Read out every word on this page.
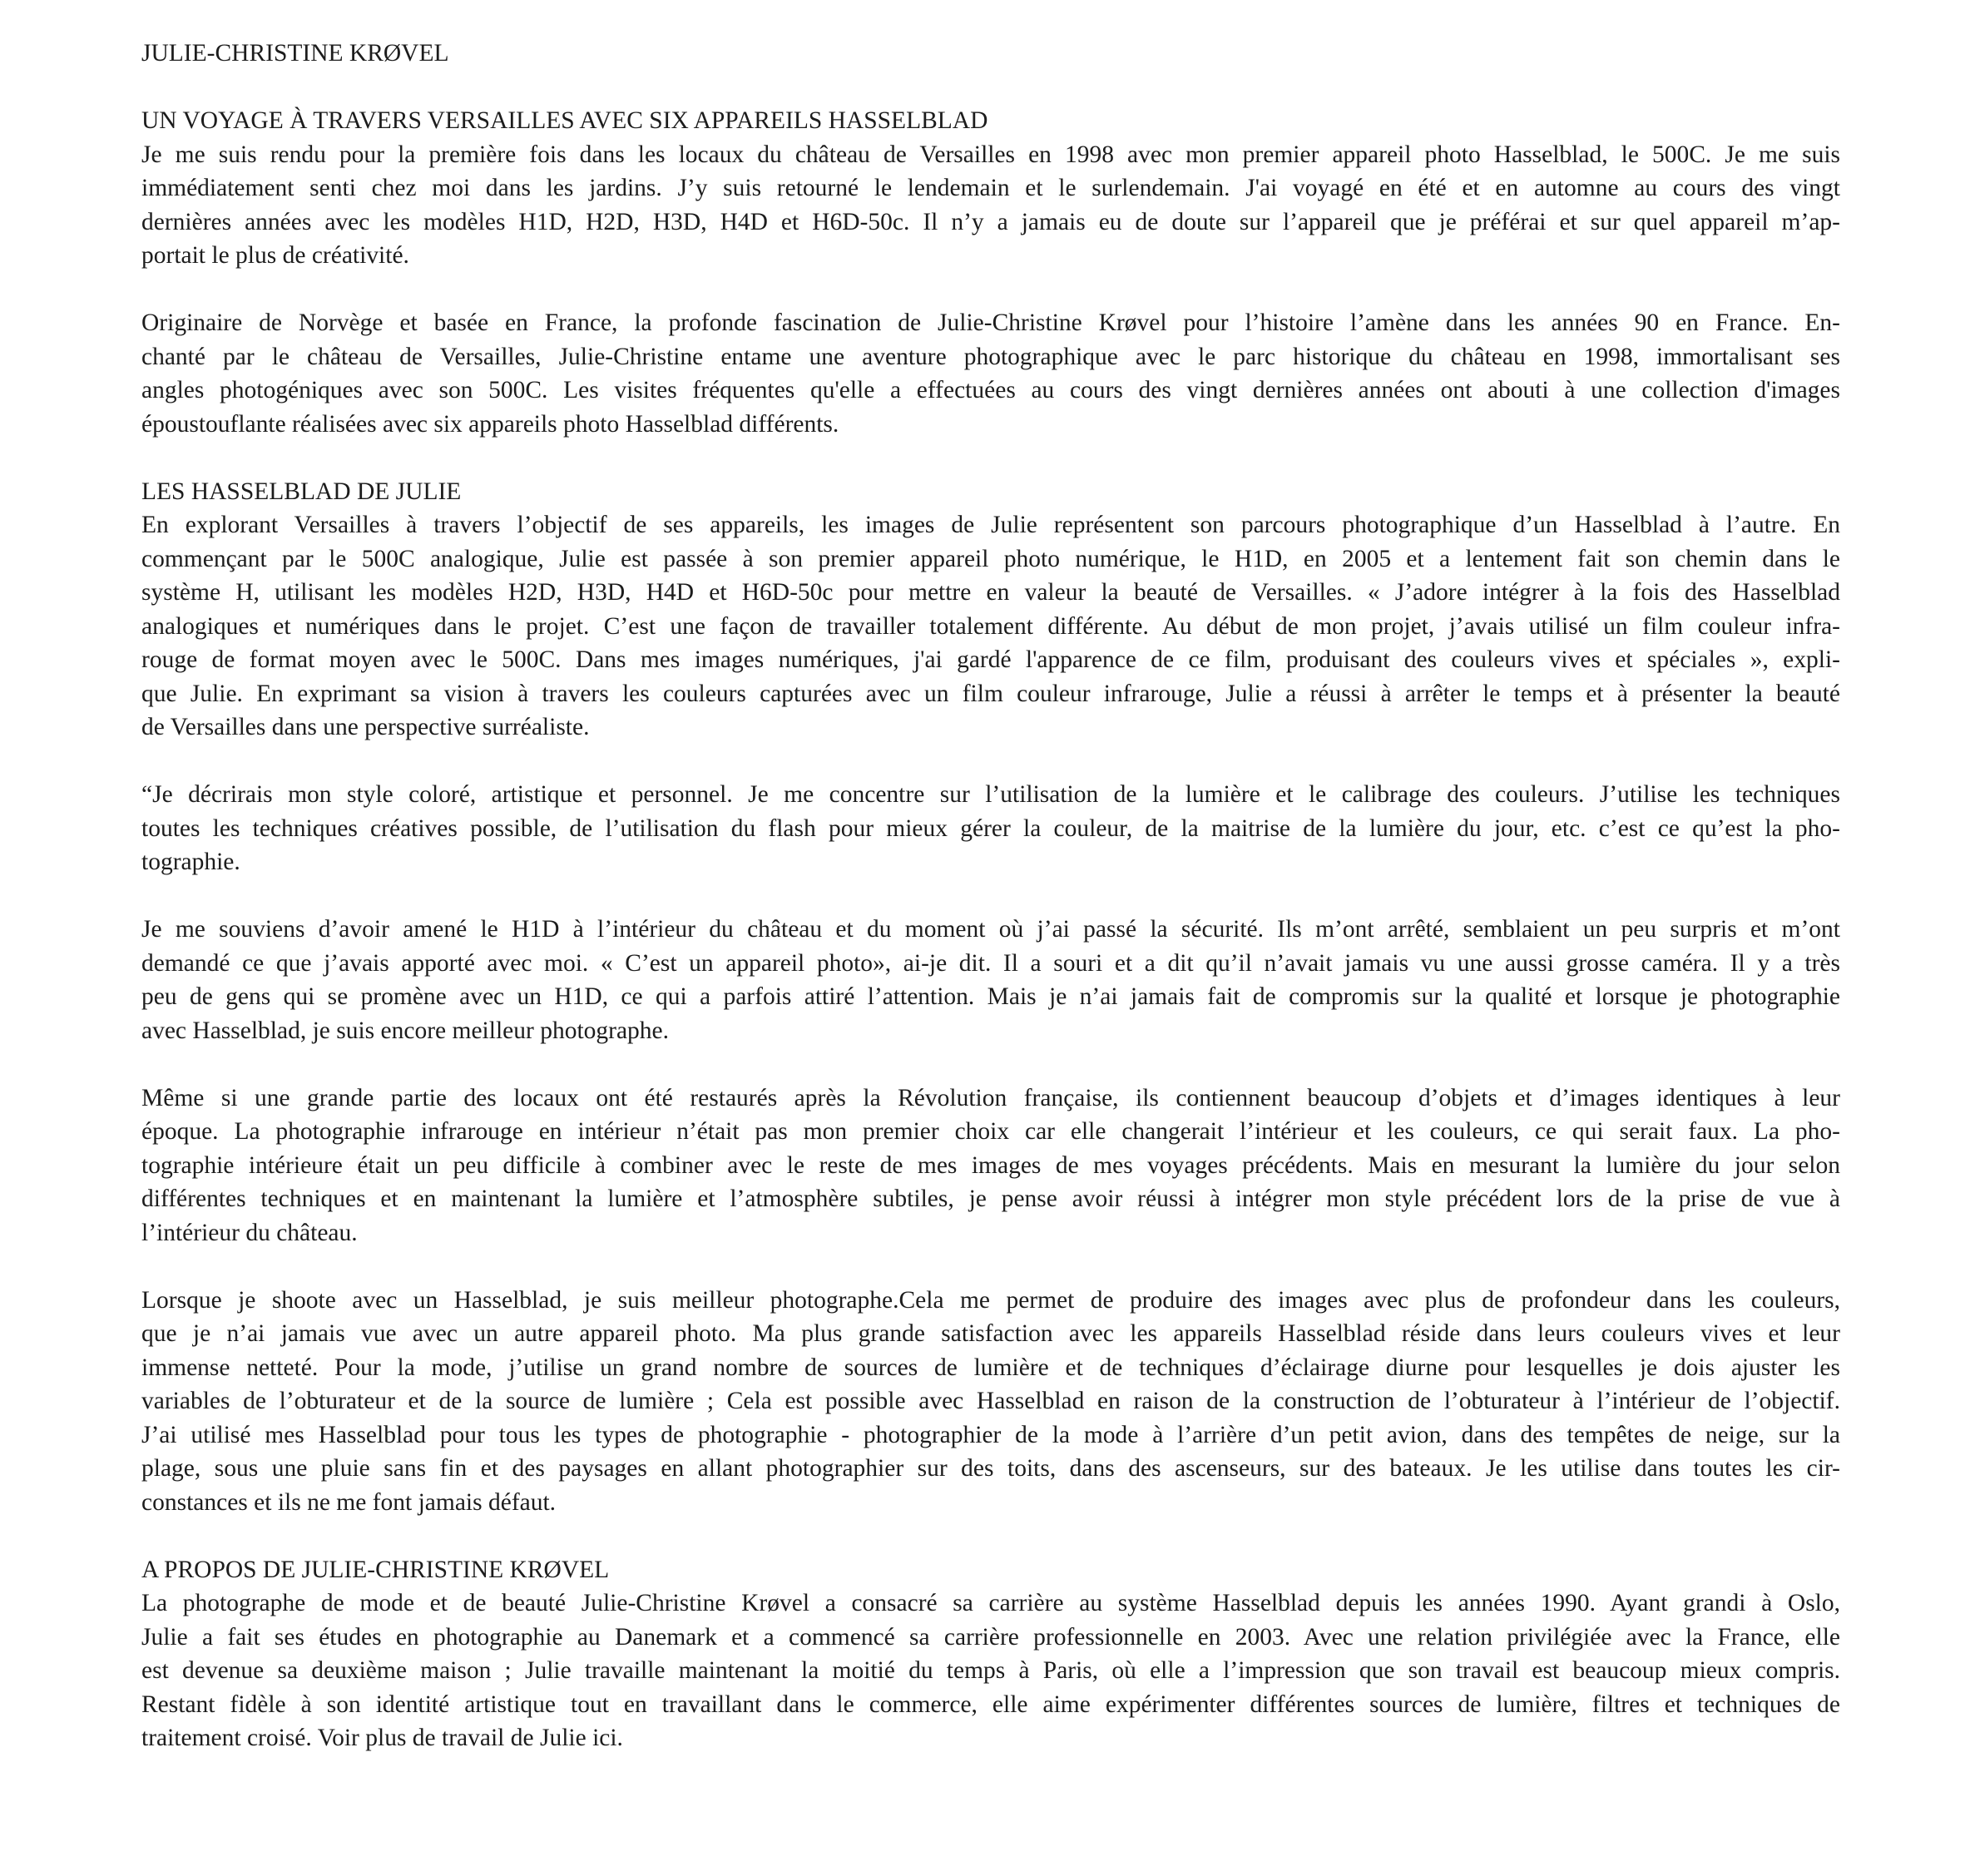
JULIE-CHRISTINE KRØVEL
UN VOYAGE À TRAVERS VERSAILLES AVEC SIX APPAREILS HASSELBLAD

Je me suis rendu pour la première fois dans les locaux du château de Versailles en 1998 avec mon premier appareil photo Hasselblad, le 500C. Je me suis
immédiatement senti chez moi dans les jardins. J’y suis retourné le lendemain et le surlendemain. J'ai voyagé en été et en automne au cours des vingt
dernières années avec les modèles H1D, H2D, H3D, H4D et H6D-50c. Il n’y a jamais eu de doute sur l’appareil que je préférai et sur quel appareil m’ap-
portait le plus de créativité.

Originaire de Norvège et basée en France, la profonde fascination de Julie-Christine Krøvel pour l’histoire l’amène dans les années 90 en France. En-
chanté par le château de Versailles, Julie-Christine entame une aventure photographique avec le parc historique du château en 1998, immortalisant ses
angles photogéniques avec son 500C. Les visites fréquentes qu'elle a effectuées au cours des vingt dernières années ont abouti à une collection d'images
époustouflante réalisées avec six appareils photo Hasselblad différents.

LES HASSELBLAD DE JULIE

En explorant Versailles à travers l’objectif de ses appareils, les images de Julie représentent son parcours photographique d’un Hasselblad à l’autre. En
commençant par le 500C analogique, Julie est passée à son premier appareil photo numérique, le H1D, en 2005 et a lentement fait son chemin dans le
système H, utilisant les modèles H2D, H3D, H4D et H6D-50c pour mettre en valeur la beauté de Versailles. « J’adore intégrer à la fois des Hasselblad
analogiques et numériques dans le projet. C’est une façon de travailler totalement différente. Au début de mon projet, j’avais utilisé un film couleur infra-
rouge de format moyen avec le 500C. Dans mes images numériques, j'ai gardé l'apparence de ce film, produisant des couleurs vives et spéciales », expli-
que Julie. En exprimant sa vision à travers les couleurs capturées avec un film couleur infrarouge, Julie a réussi à arrêter le temps et à présenter la beauté
de Versailles dans une perspective surréaliste.

“Je décrirais mon style coloré, artistique et personnel. Je me concentre sur l’utilisation de la lumière et le calibrage des couleurs. J’utilise les techniques
toutes les techniques créatives possible, de l’utilisation du flash pour mieux gérer la couleur, de la maitrise de la lumière du jour, etc. c’est ce qu’est la pho-
tographie.

Je me souviens d’avoir amené le H1D à l’intérieur du château et du moment où j’ai passé la sécurité. Ils m’ont arrêté, semblaient un peu surpris et m’ont
demandé ce que j’avais apporté avec moi. « C’est un appareil photo», ai-je dit. Il a souri et a dit qu’il n’avait jamais vu une aussi grosse caméra. Il y a très
peu de gens qui se promène avec un H1D, ce qui a parfois attiré l’attention. Mais je n’ai jamais fait de compromis sur la qualité et lorsque je photographie
avec Hasselblad, je suis encore meilleur photographe.

Même si une grande partie des locaux ont été restaurés après la Révolution française, ils contiennent beaucoup d’objets et d’images identiques à leur
époque. La photographie infrarouge en intérieur n’était pas mon premier choix car elle changerait l’intérieur et les couleurs, ce qui serait faux. La pho-
tographie intérieure était un peu difficile à combiner avec le reste de mes images de mes voyages précédents. Mais en mesurant la lumière du jour selon
différentes techniques et en maintenant la lumière et l’atmosphère subtiles, je pense avoir réussi à intégrer mon style précédent lors de la prise de vue à
l’intérieur du château.

Lorsque je shoote avec un Hasselblad, je suis meilleur photographe.Cela me permet de produire des images avec plus de profondeur dans les couleurs,
que je n’ai jamais vue avec un autre appareil photo. Ma plus grande satisfaction avec les appareils Hasselblad réside dans leurs couleurs vives et leur
immense netteté. Pour la mode, j’utilise un grand nombre de sources de lumière et de techniques d’éclairage diurne pour lesquelles je dois ajuster les
variables de l’obturateur et de la source de lumière ; Cela est possible avec Hasselblad en raison de la construction de l’obturateur à l’intérieur de l’objectif.
J’ai utilisé mes Hasselblad pour tous les types de photographie - photographier de la mode à l’arrière d’un petit avion, dans des tempêtes de neige, sur la
plage, sous une pluie sans fin et des paysages en allant photographier sur des toits, dans des ascenseurs, sur des bateaux. Je les utilise dans toutes les cir-
constances et ils ne me font jamais défaut.

A PROPOS DE JULIE-CHRISTINE KRØVEL

La photographe de mode et de beauté Julie-Christine Krøvel a consacré sa carrière au système Hasselblad depuis les années 1990. Ayant grandi à Oslo,
Julie a fait ses études en photographie au Danemark et a commencé sa carrière professionnelle en 2003. Avec une relation privilégiée avec la France, elle
est devenue sa deuxième maison ; Julie travaille maintenant la moitié du temps à Paris, où elle a l’impression que son travail est beaucoup mieux compris.
Restant fidèle à son identité artistique tout en travaillant dans le commerce, elle aime expérimenter différentes sources de lumière, filtres et techniques de
traitement croisé. Voir plus de travail de Julie ici.
